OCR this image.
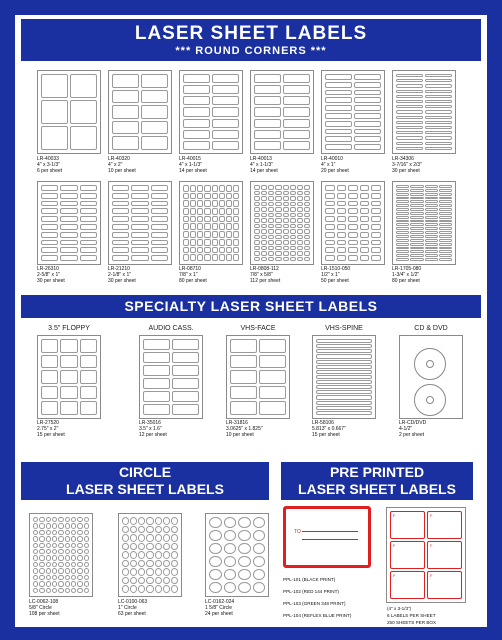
LASER SHEET LABELS
*** ROUND CORNERS ***
SPECIALTY LASER SHEET LABELS
CIRCLE
LASER SHEET LABELS
PRE PRINTED
LASER SHEET LABELS
TO
PPL-101 (BLACK PRINT)
PPL-102 (RED 144 PRINT)
PPL-103 (GREEN 348 PRINT)
PPL-104 (REFLEX BLUE PRINT)
F	F
F	F
F	F
(4" x 3-1/3")
6 LABELS PER SHEET
250 SHEETS PER BOX
LR-40033
4" x 3-1/3"
6 per sheet
LR-40320
4" x 2"
10 per sheet
LR-40015
4" x 1-1/3"
14 per sheet
LR-40013
4" x 1-1/3"
14 per sheet
LR-40010
4" x 1"
20 per sheet
LR-34306
3-7/16" x 2/3"
30 per sheet
LR-26310
2-5/8" x 1"
30 per sheet
LR-21210
2-1/8" x 1"
30 per sheet
LR-08710
7/8" x 1"
80 per sheet
LR-0808-112
7/8" x 5/8"
112 per sheet
LR-1510-050
1/2" x 1"
50 per sheet
LR-1705-080
1-3/4" x 1/2"
80 per sheet
3.5" FLOPPY
LR-27520
2.75" x 2"
15 per sheet
AUDIO CASS.
LR-35016
3.5" x 1.6"
12 per sheet
VHS-FACE
LR-31816
3.0625" x 1.825"
10 per sheet
VHS-SPINE
LR-58106
5.813" x 0.667"
15 per sheet
CD & DVD
LR-CD/DVD
4-1/2"
2 per sheet
LC-0062-108
5/8" Circle
108 per sheet
LC-0100-063
1" Circle
63 per sheet
LC-0162-024
1 5/8" Circle
24 per sheet
